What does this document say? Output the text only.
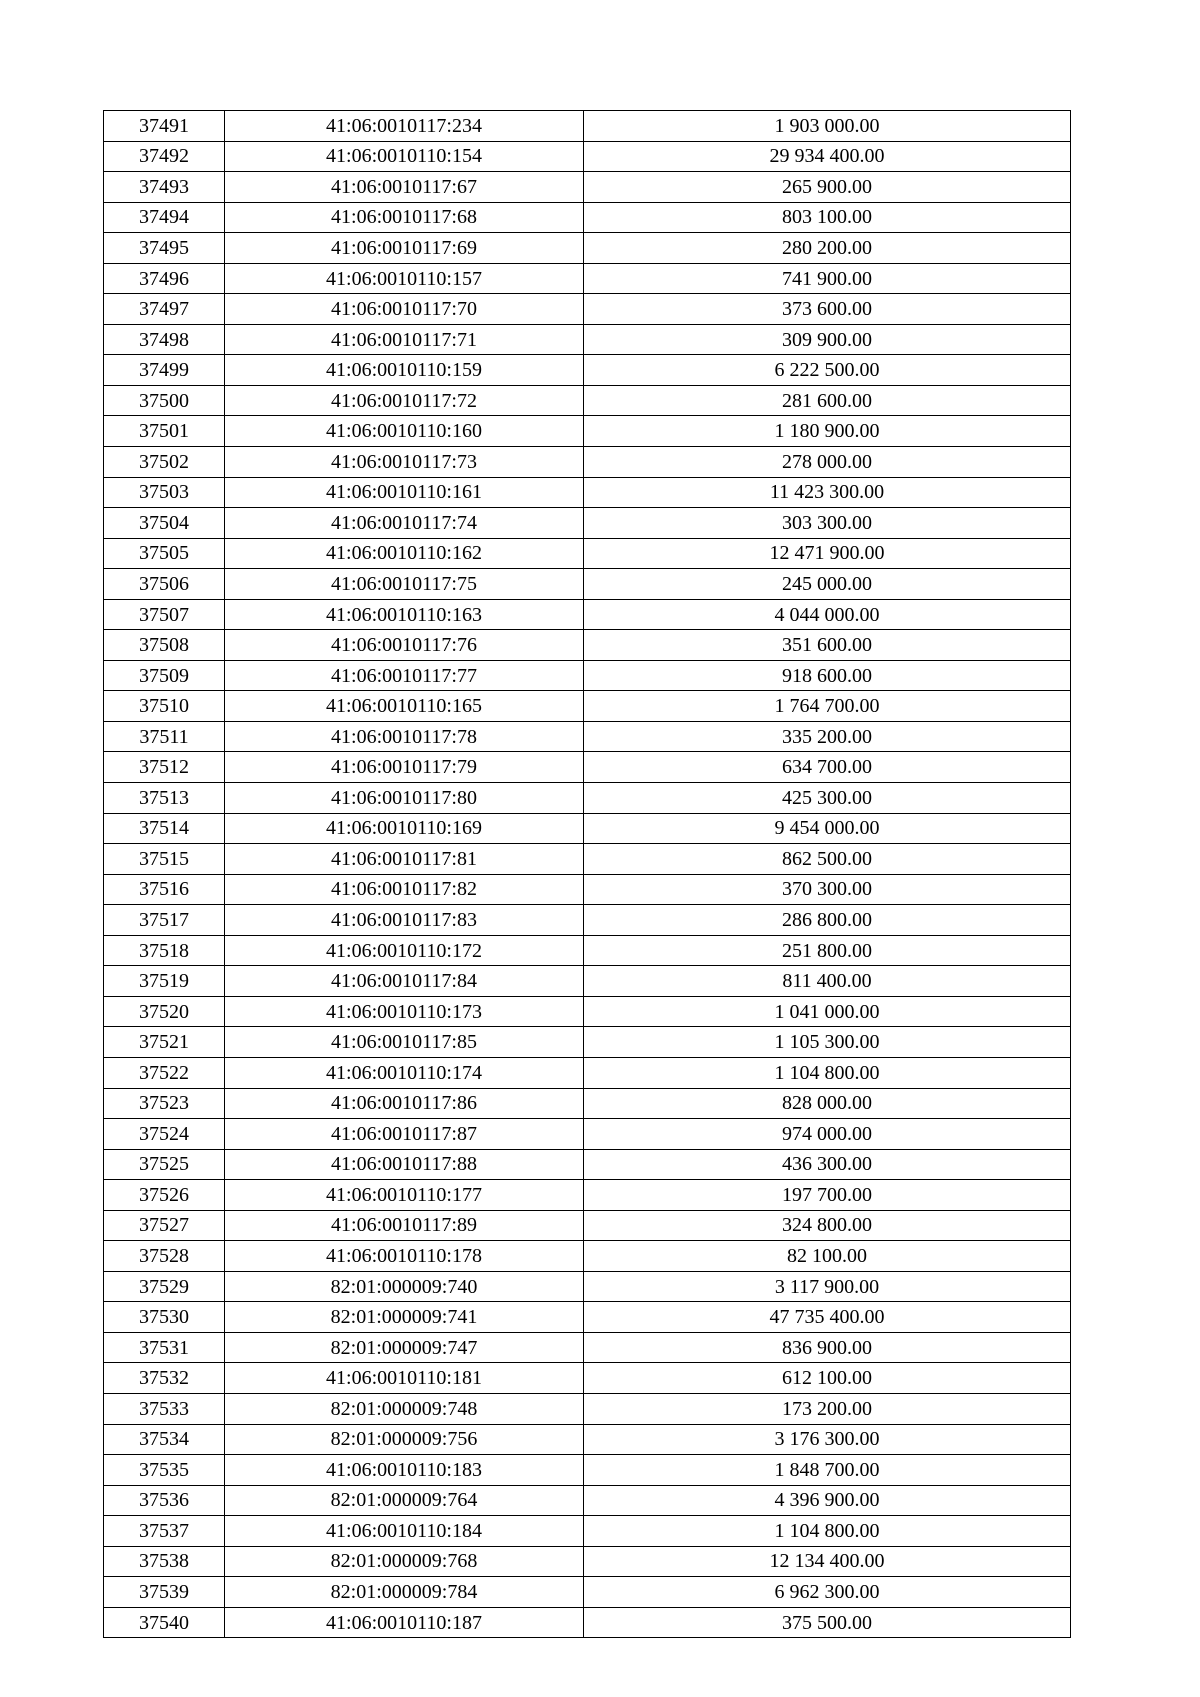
37491	41:06:0010117:234	1 903 000.00
37492	41:06:0010110:154	29 934 400.00
37493	41:06:0010117:67	265 900.00
37494	41:06:0010117:68	803 100.00
37495	41:06:0010117:69	280 200.00
37496	41:06:0010110:157	741 900.00
37497	41:06:0010117:70	373 600.00
37498	41:06:0010117:71	309 900.00
37499	41:06:0010110:159	6 222 500.00
37500	41:06:0010117:72	281 600.00
37501	41:06:0010110:160	1 180 900.00
37502	41:06:0010117:73	278 000.00
37503	41:06:0010110:161	11 423 300.00
37504	41:06:0010117:74	303 300.00
37505	41:06:0010110:162	12 471 900.00
37506	41:06:0010117:75	245 000.00
37507	41:06:0010110:163	4 044 000.00
37508	41:06:0010117:76	351 600.00
37509	41:06:0010117:77	918 600.00
37510	41:06:0010110:165	1 764 700.00
37511	41:06:0010117:78	335 200.00
37512	41:06:0010117:79	634 700.00
37513	41:06:0010117:80	425 300.00
37514	41:06:0010110:169	9 454 000.00
37515	41:06:0010117:81	862 500.00
37516	41:06:0010117:82	370 300.00
37517	41:06:0010117:83	286 800.00
37518	41:06:0010110:172	251 800.00
37519	41:06:0010117:84	811 400.00
37520	41:06:0010110:173	1 041 000.00
37521	41:06:0010117:85	1 105 300.00
37522	41:06:0010110:174	1 104 800.00
37523	41:06:0010117:86	828 000.00
37524	41:06:0010117:87	974 000.00
37525	41:06:0010117:88	436 300.00
37526	41:06:0010110:177	197 700.00
37527	41:06:0010117:89	324 800.00
37528	41:06:0010110:178	82 100.00
37529	82:01:000009:740	3 117 900.00
37530	82:01:000009:741	47 735 400.00
37531	82:01:000009:747	836 900.00
37532	41:06:0010110:181	612 100.00
37533	82:01:000009:748	173 200.00
37534	82:01:000009:756	3 176 300.00
37535	41:06:0010110:183	1 848 700.00
37536	82:01:000009:764	4 396 900.00
37537	41:06:0010110:184	1 104 800.00
37538	82:01:000009:768	12 134 400.00
37539	82:01:000009:784	6 962 300.00
37540	41:06:0010110:187	375 500.00
